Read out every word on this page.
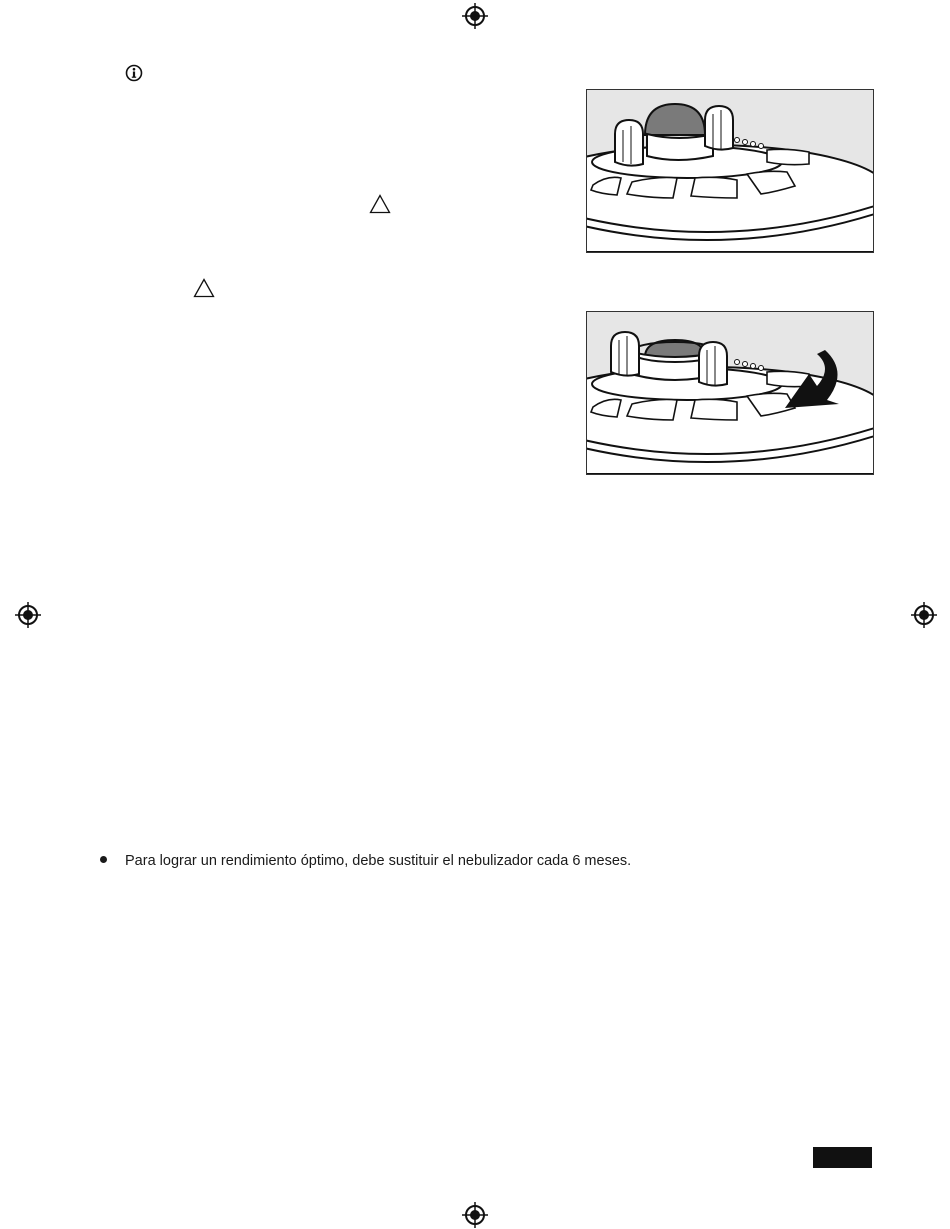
Para lograr un rendimiento óptimo, debe sustituir el nebulizador cada 6 meses.
